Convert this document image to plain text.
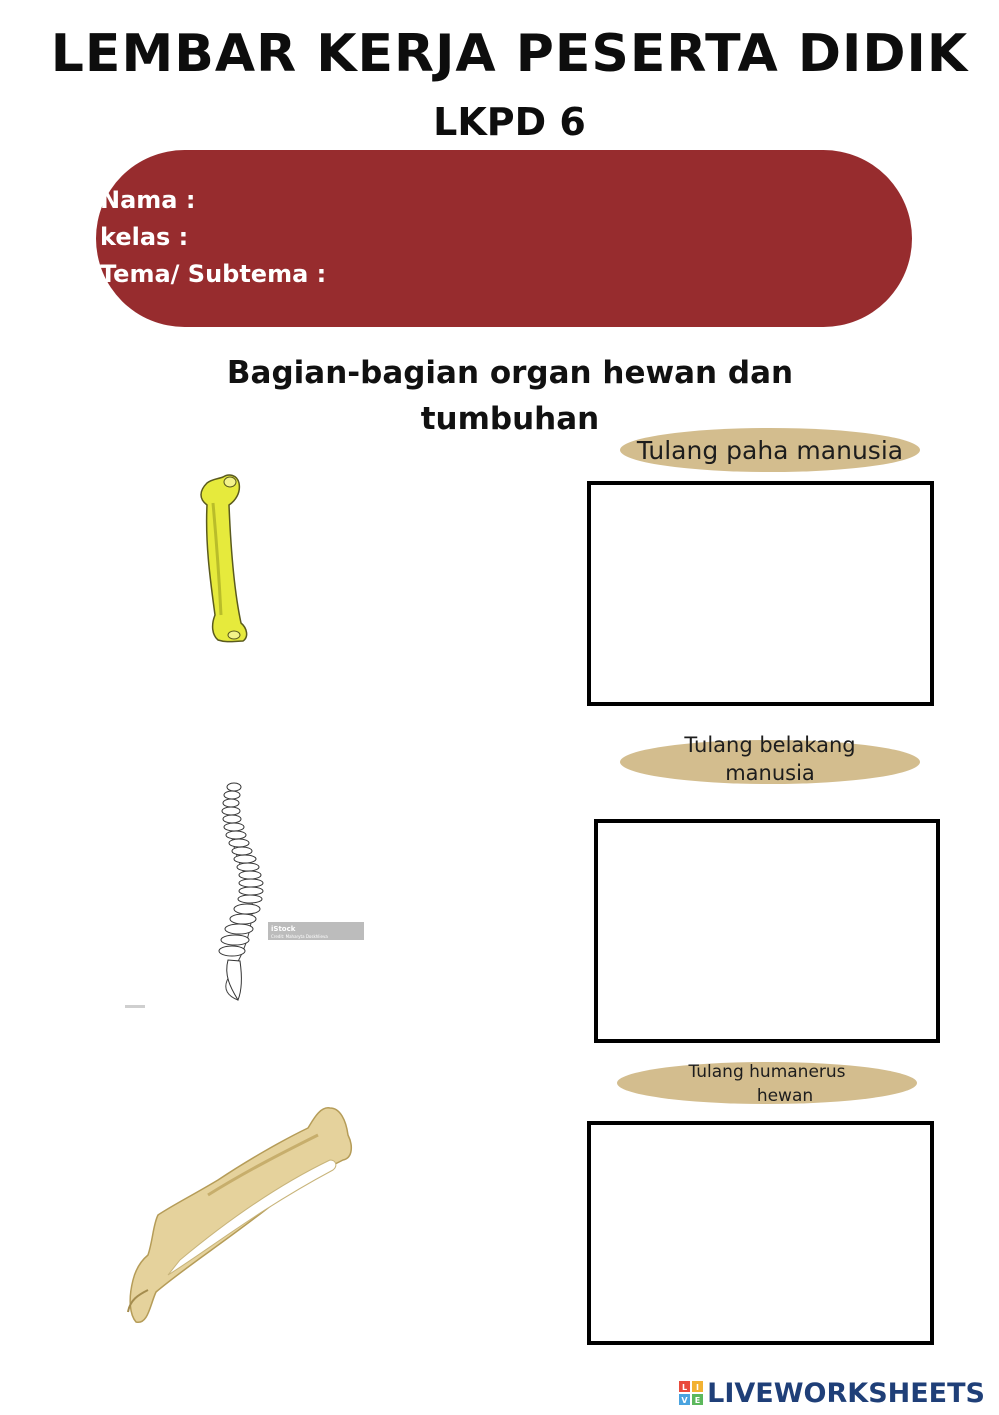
LEMBAR KERJA PESERTA DIDIK
LKPD 6
Nama :
kelas :
Tema/ Subtema :
Bagian-bagian organ hewan dan
tumbuhan
Tulang paha manusia
Tulang belakang
manusia
iStock
Credit: Maharyta Doskhlieva
Tulang humanerus
hewan
L I
V E LIVEWORKSHEETS
